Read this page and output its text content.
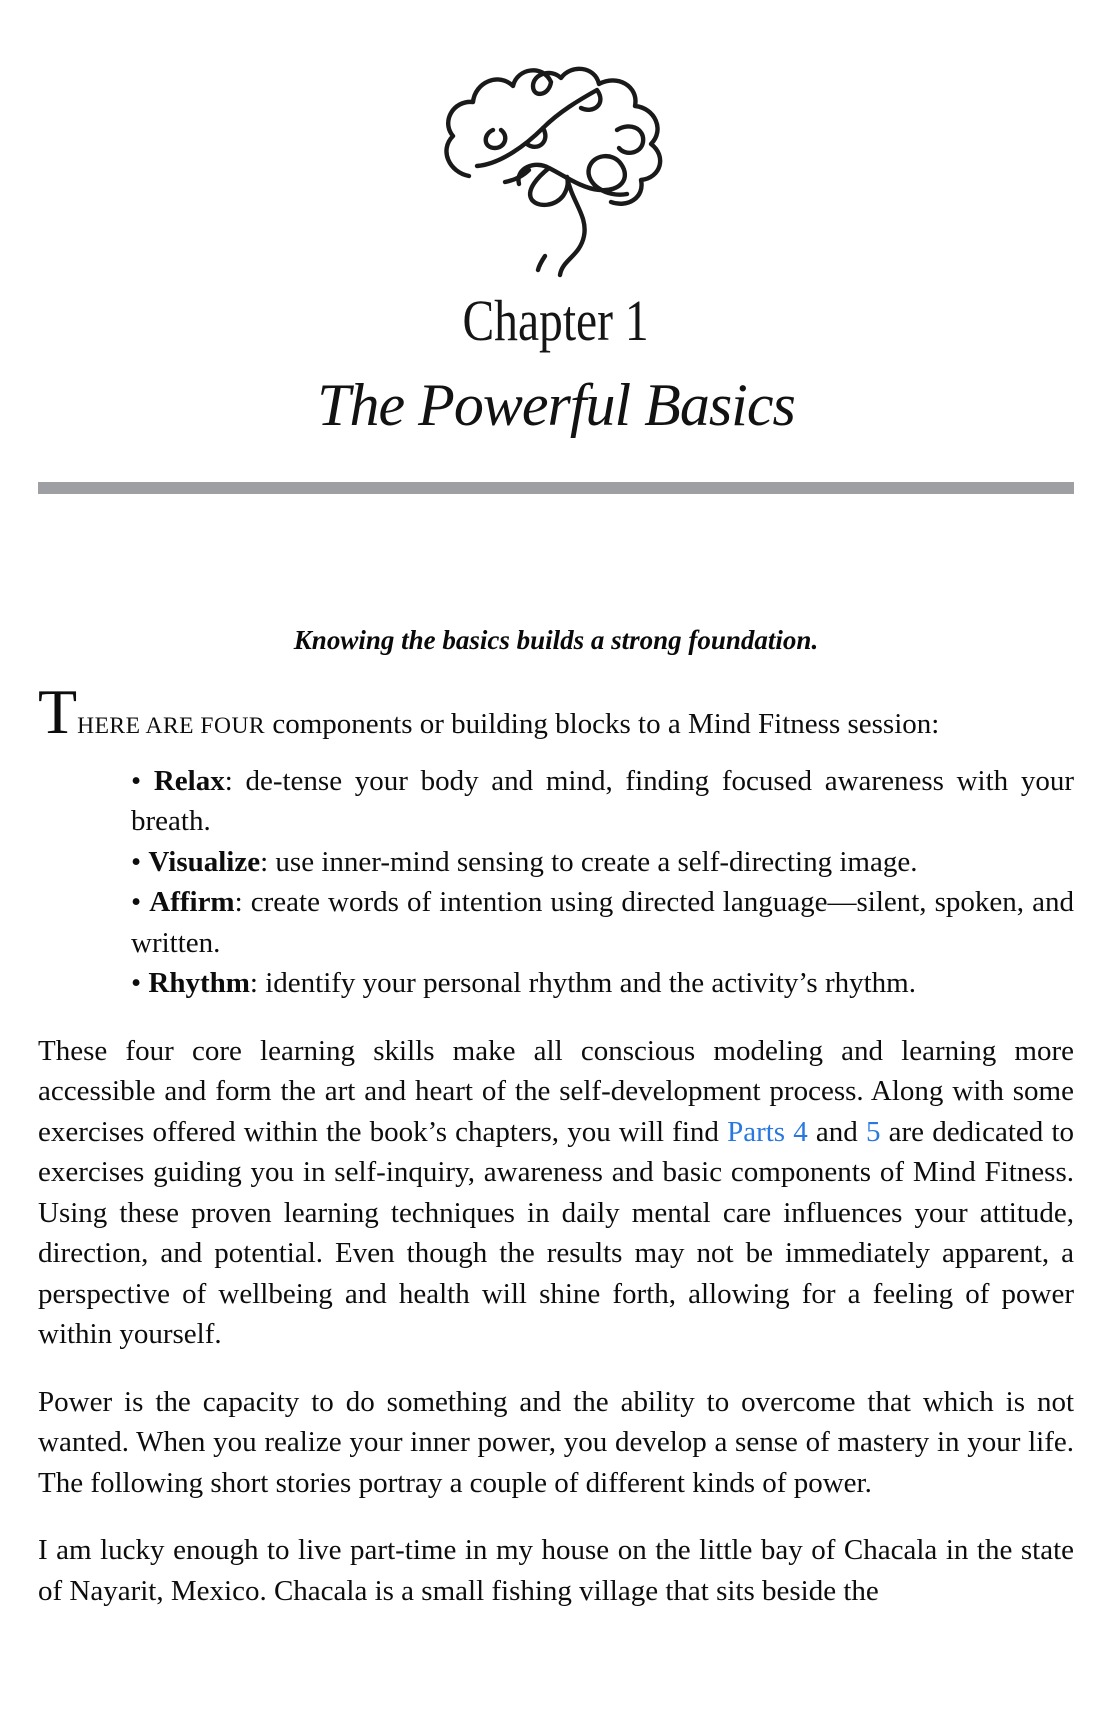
Chapter 1
The Powerful Basics
Knowing the basics builds a strong foundation.

THERE ARE FOUR components or building blocks to a Mind Fitness session:

• Relax: de-tense your body and mind, finding focused awareness with your breath.
• Visualize: use inner-mind sensing to create a self-directing image.
• Affirm: create words of intention using directed language—silent, spoken, and written.
• Rhythm: identify your personal rhythm and the activity’s rhythm.

These four core learning skills make all conscious modeling and learning more accessible and form the art and heart of the self-development process. Along with some exercises offered within the book’s chapters, you will find Parts 4 and 5 are dedicated to exercises guiding you in self-inquiry, awareness and basic components of Mind Fitness. Using these proven learning techniques in daily mental care influences your attitude, direction, and potential. Even though the results may not be immediately apparent, a perspective of wellbeing and health will shine forth, allowing for a feeling of power within yourself.

Power is the capacity to do something and the ability to overcome that which is not wanted. When you realize your inner power, you develop a sense of mastery in your life. The following short stories portray a couple of different kinds of power.

I am lucky enough to live part-time in my house on the little bay of Chacala in the state of Nayarit, Mexico. Chacala is a small fishing village that sits beside the
